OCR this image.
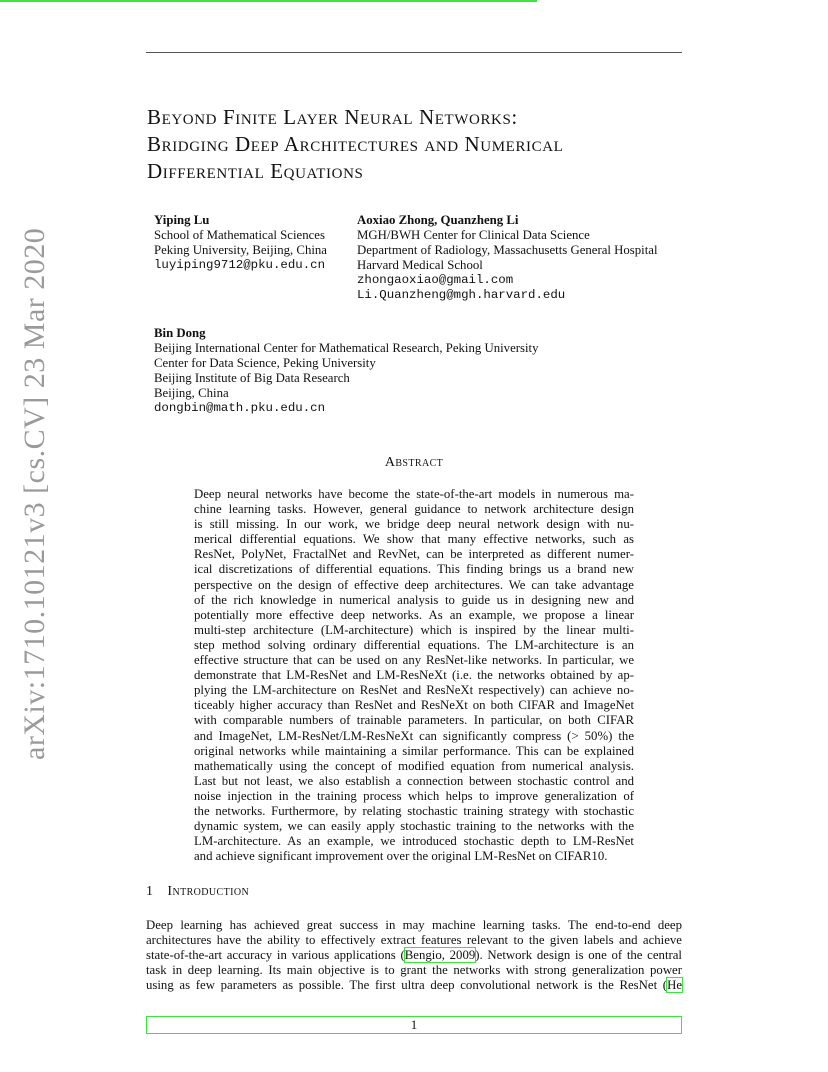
Beyond Finite Layer Neural Networks:
Bridging Deep Architectures and Numerical
Differential Equations
arXiv:1710.10121v3 [cs.CV] 23 Mar 2020
Yiping Lu
School of Mathematical Sciences
Peking University, Beijing, China
luyiping9712@pku.edu.cn
Aoxiao Zhong, Quanzheng Li
MGH/BWH Center for Clinical Data Science
Department of Radiology, Massachusetts General Hospital
Harvard Medical School
zhongaoxiao@gmail.com
Li.Quanzheng@mgh.harvard.edu
Bin Dong
Beijing International Center for Mathematical Research, Peking University
Center for Data Science, Peking University
Beijing Institute of Big Data Research
Beijing, China
dongbin@math.pku.edu.cn
Abstract
Deep neural networks have become the state-of-the-art models in numerous ma-
chine learning tasks. However, general guidance to network architecture design
is still missing. In our work, we bridge deep neural network design with nu-
merical differential equations. We show that many effective networks, such as
ResNet, PolyNet, FractalNet and RevNet, can be interpreted as different numer-
ical discretizations of differential equations. This finding brings us a brand new
perspective on the design of effective deep architectures. We can take advantage
of the rich knowledge in numerical analysis to guide us in designing new and
potentially more effective deep networks. As an example, we propose a linear
multi-step architecture (LM-architecture) which is inspired by the linear multi-
step method solving ordinary differential equations. The LM-architecture is an
effective structure that can be used on any ResNet-like networks. In particular, we
demonstrate that LM-ResNet and LM-ResNeXt (i.e. the networks obtained by ap-
plying the LM-architecture on ResNet and ResNeXt respectively) can achieve no-
ticeably higher accuracy than ResNet and ResNeXt on both CIFAR and ImageNet
with comparable numbers of trainable parameters. In particular, on both CIFAR
and ImageNet, LM-ResNet/LM-ResNeXt can significantly compress (> 50%) the
original networks while maintaining a similar performance. This can be explained
mathematically using the concept of modified equation from numerical analysis.
Last but not least, we also establish a connection between stochastic control and
noise injection in the training process which helps to improve generalization of
the networks. Furthermore, by relating stochastic training strategy with stochastic
dynamic system, we can easily apply stochastic training to the networks with the
LM-architecture. As an example, we introduced stochastic depth to LM-ResNet
and achieve significant improvement over the original LM-ResNet on CIFAR10.
1 Introduction
Deep learning has achieved great success in may machine learning tasks. The end-to-end deep
architectures have the ability to effectively extract features relevant to the given labels and achieve
state-of-the-art accuracy in various applications (Bengio, 2009). Network design is one of the central
task in deep learning. Its main objective is to grant the networks with strong generalization power
using as few parameters as possible. The first ultra deep convolutional network is the ResNet (He
1
